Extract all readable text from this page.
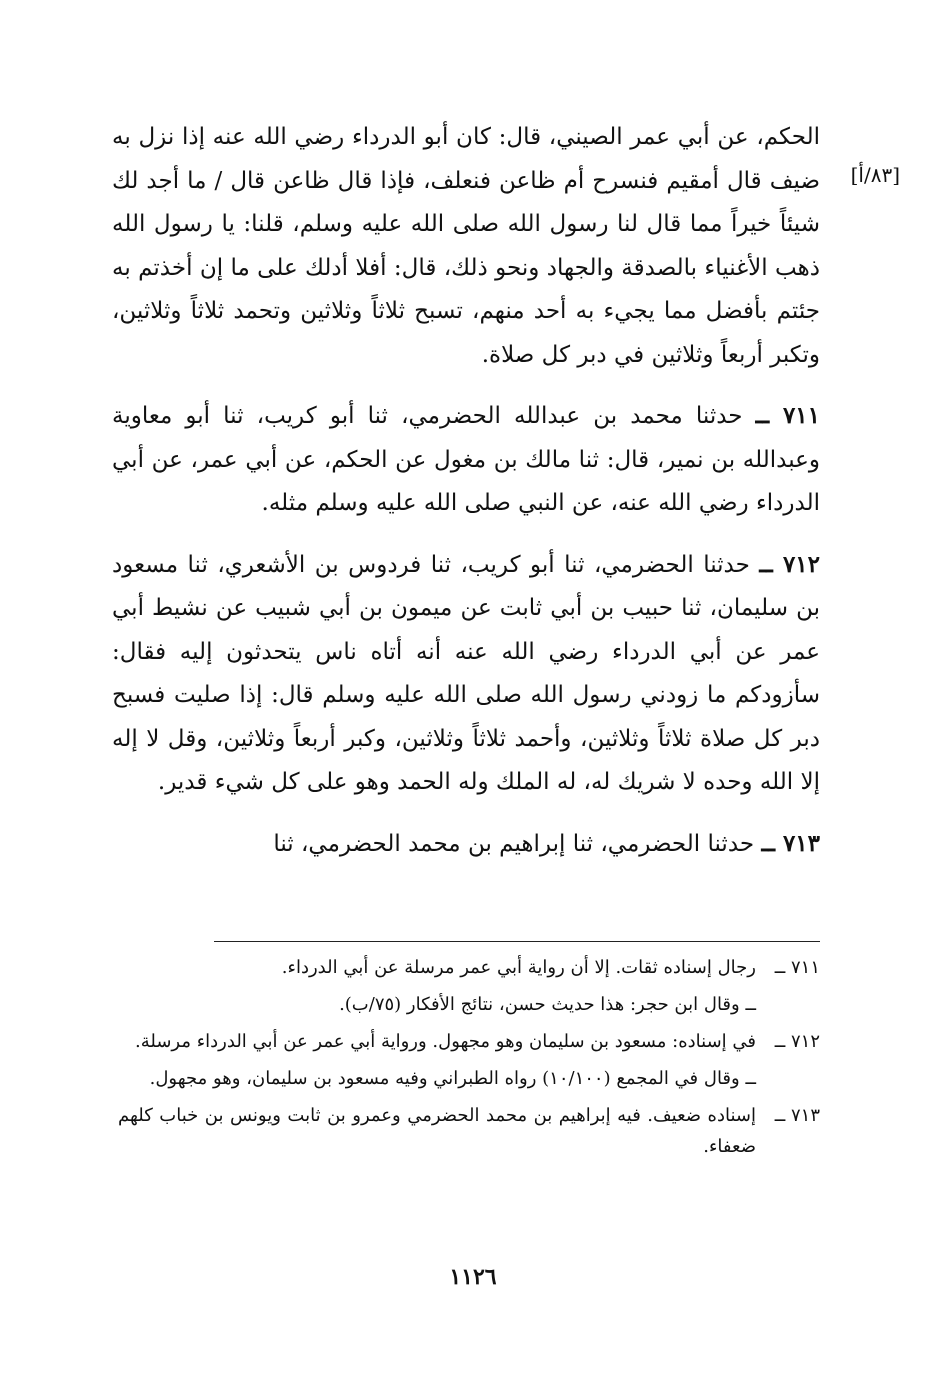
[٨٣/أ]

الحكم، عن أبي عمر الصيني، قال: كان أبو الدرداء رضي الله عنه إذا نزل به ضيف قال أمقيم فنسرح أم ظاعن فنعلف، فإذا قال ظاعن قال / ما أجد لك شيئاً خيراً مما قال لنا رسول الله صلى الله عليه وسلم، قلنا: يا رسول الله ذهب الأغنياء بالصدقة والجهاد ونحو ذلك، قال: أفلا أدلك على ما إن أخذتم به جئتم بأفضل مما يجيء به أحد منهم، تسبح ثلاثاً وثلاثين وتحمد ثلاثاً وثلاثين، وتكبر أربعاً وثلاثين في دبر كل صلاة.

٧١١ ــ حدثنا محمد بن عبدالله الحضرمي، ثنا أبو كريب، ثنا أبو معاوية وعبدالله بن نمير، قال: ثنا مالك بن مغول عن الحكم، عن أبي عمر، عن أبي الدرداء رضي الله عنه، عن النبي صلى الله عليه وسلم مثله.

٧١٢ ــ حدثنا الحضرمي، ثنا أبو كريب، ثنا فردوس بن الأشعري، ثنا مسعود بن سليمان، ثنا حبيب بن أبي ثابت عن ميمون بن أبي شبيب عن نشيط أبي عمر عن أبي الدرداء رضي الله عنه أنه أتاه ناس يتحدثون إليه فقال: سأزودكم ما زودني رسول الله صلى الله عليه وسلم قال: إذا صليت فسبح دبر كل صلاة ثلاثاً وثلاثين، وأحمد ثلاثاً وثلاثين، وكبر أربعاً وثلاثين، وقل لا إله إلا الله وحده لا شريك له، له الملك وله الحمد وهو على كل شيء قدير.

٧١٣ ــ حدثنا الحضرمي، ثنا إبراهيم بن محمد الحضرمي، ثنا

٧١١ ــ
رجال إسناده ثقات. إلا أن رواية أبي عمر مرسلة عن أبي الدرداء.

ــ وقال ابن حجر: هذا حديث حسن، نتائج الأفكار (٧٥/ب).

٧١٢ ــ
في إسناده: مسعود بن سليمان وهو مجهول. ورواية أبي عمر عن أبي الدرداء مرسلة.

ــ وقال في المجمع (١٠/١٠٠) رواه الطبراني وفيه مسعود بن سليمان، وهو مجهول.

٧١٣ ــ
إسناده ضعيف. فيه إبراهيم بن محمد الحضرمي وعمرو بن ثابت ويونس بن خباب كلهم ضعفاء.

١١٢٦
